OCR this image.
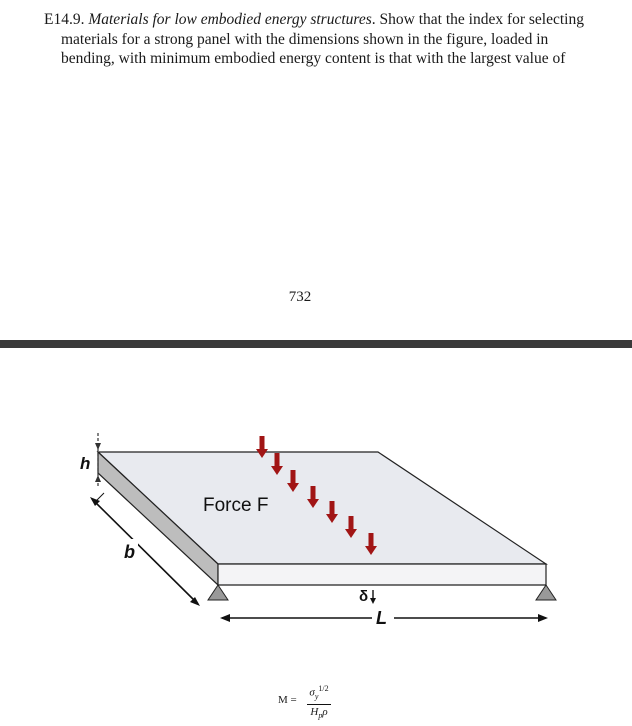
E14.9. Materials for low embodied energy structures. Show that the index for selecting materials for a strong panel with the dimensions shown in the figure, loaded in bending, with minimum embodied energy content is that with the largest value of

732
h
b
L
δ
Force F
M =
$\sigma_y^{1/2}$
$H_p\rho$
